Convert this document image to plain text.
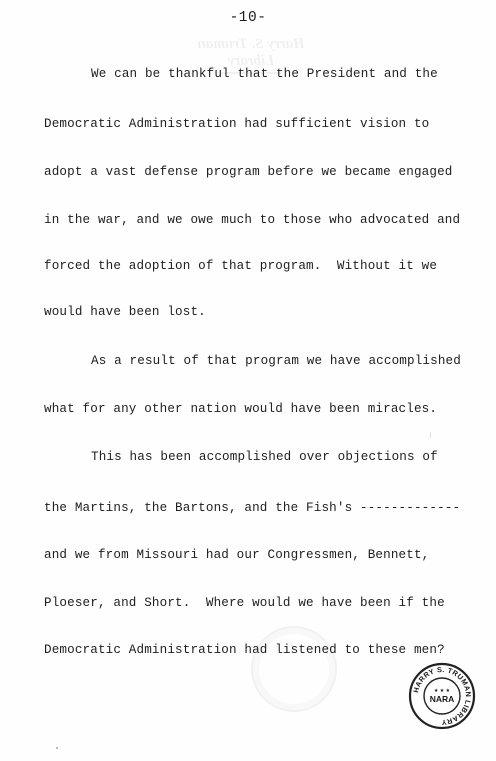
Harry S. Truman
Library
-10-
We can be thankful that the President and the
Democratic Administration had sufficient vision to
adopt a vast defense program before we became engaged
in the war, and we owe much to those who advocated and
forced the adoption of that program.  Without it we
would have been lost.
As a result of that program we have accomplished
what for any other nation would have been miracles.
This has been accomplished over objections of
the Martins, the Bartons, and the Fish's -------------
and we from Missouri had our Congressmen, Bennett,
Ploeser, and Short.  Where would we have been if the
Democratic Administration had listened to these men?
HARRY S. TRUMAN LIBRARY
★ ★ ★
NARA
